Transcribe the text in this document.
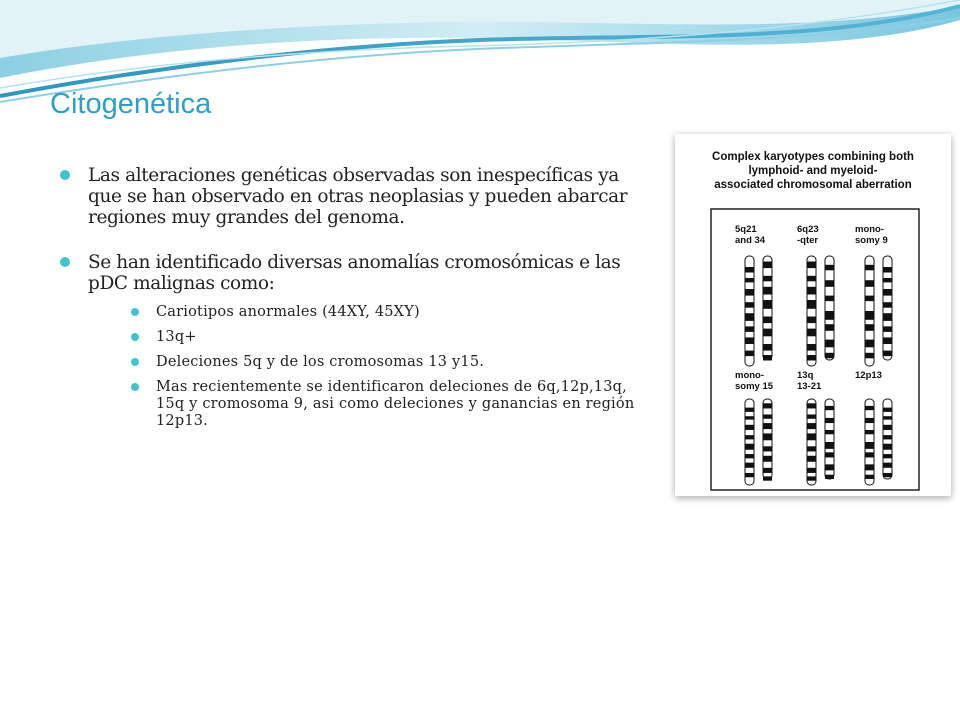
Citogenética
Las alteraciones genéticas observadas son inespecíficas ya que se han observado en otras neoplasias y pueden abarcar regiones muy grandes del genoma.
Se han identificado diversas anomalías cromosómicas e las pDC malignas como:
Cariotipos anormales (44XY, 45XY)
13q+
Deleciones 5q y de los cromosomas 13 y15.
Mas recientemente se identificaron deleciones de 6q,12p,13q, 15q y cromosoma 9, asi como deleciones y ganancias en región 12p13.
Complex karyotypes combining both
lymphoid- and myeloid-
associated chromosomal aberration
5q21
and 34
6q23
-qter
mono-
somy 9
mono-
somy 15
13q
13-21
12p13
